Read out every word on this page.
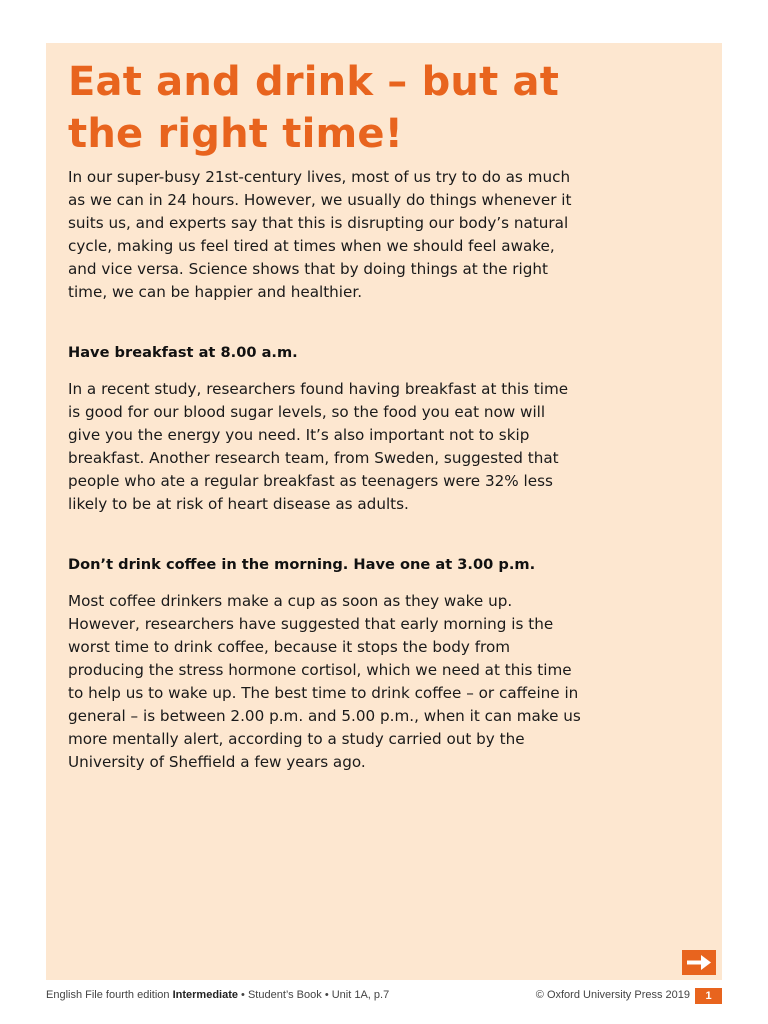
Eat and drink – but at the right time!

In our super-busy 21st-century lives, most of us try to do as much as we can in 24 hours. However, we usually do things whenever it suits us, and experts say that this is disrupting our body’s natural cycle, making us feel tired at times when we should feel awake, and vice versa. Science shows that by doing things at the right time, we can be happier and healthier.

Have breakfast at 8.00 a.m.

In a recent study, researchers found having breakfast at this time is good for our blood sugar levels, so the food you eat now will give you the energy you need. It’s also important not to skip breakfast. Another research team, from Sweden, suggested that people who ate a regular breakfast as teenagers were 32% less likely to be at risk of heart disease as adults.

Don’t drink coffee in the morning. Have one at 3.00 p.m.

Most coffee drinkers make a cup as soon as they wake up. However, researchers have suggested that early morning is the worst time to drink coffee, because it stops the body from producing the stress hormone cortisol, which we need at this time to help us to wake up. The best time to drink coffee – or caffeine in general – is between 2.00 p.m. and 5.00 p.m., when it can make us more mentally alert, according to a study carried out by the University of Sheffield a few years ago.

English File fourth edition Intermediate • Student’s Book • Unit 1A, p.7	© Oxford University Press 2019	1
